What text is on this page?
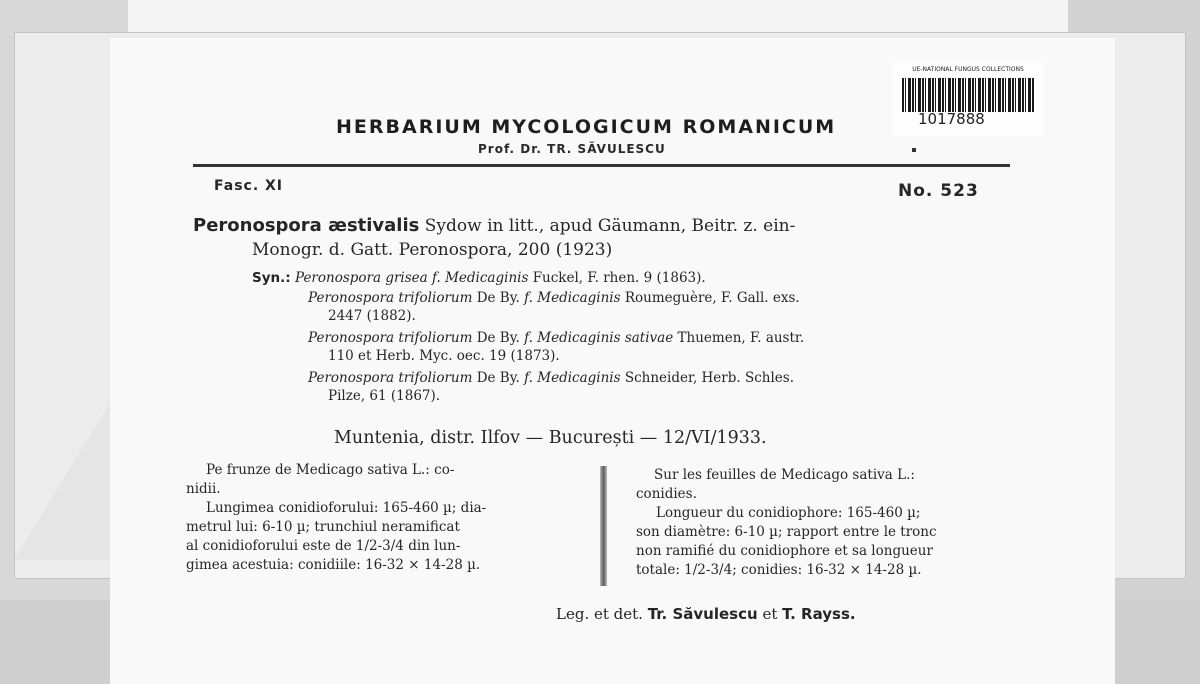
UE-NATIONAL FUNGUS COLLECTIONS
1017888
HERBARIUM MYCOLOGICUM ROMANICUM
Prof. Dr. TR. SĂVULESCU
Fasc. XI	No. 523
Peronospora æstivalis Sydow in litt., apud Gäumann, Beitr. z. ein-
Monogr. d. Gatt. Peronospora, 200 (1923)
Syn.: Peronospora grisea f. Medicaginis Fuckel, F. rhen. 9 (1863).
Peronospora trifoliorum De By. f. Medicaginis Roumeguère, F. Gall. exs.
2447 (1882).
Peronospora trifoliorum De By. f. Medicaginis sativae Thuemen, F. austr.
110 et Herb. Myc. oec. 19 (1873).
Peronospora trifoliorum De By. f. Medicaginis Schneider, Herb. Schles.
Pilze, 61 (1867).
Muntenia, distr. Ilfov — București — 12/VI/1933.
Pe frunze de Medicago sativa L.: co-
nidii.
Lungimea conidioforului: 165-460 µ; dia-
metrul lui: 6-10 µ; trunchiul neramificat
al conidioforului este de 1/2-3/4 din lun-
gimea acestuia: conidiile: 16-32 × 14-28 µ.
Sur les feuilles de Medicago sativa L.:
conidies.
Longueur du conidiophore: 165-460 µ;
son diamètre: 6-10 µ; rapport entre le tronc
non ramifié du conidiophore et sa longueur
totale: 1/2-3/4; conidies: 16-32 × 14-28 µ.
Leg. et det. Tr. Săvulescu et T. Rayss.
